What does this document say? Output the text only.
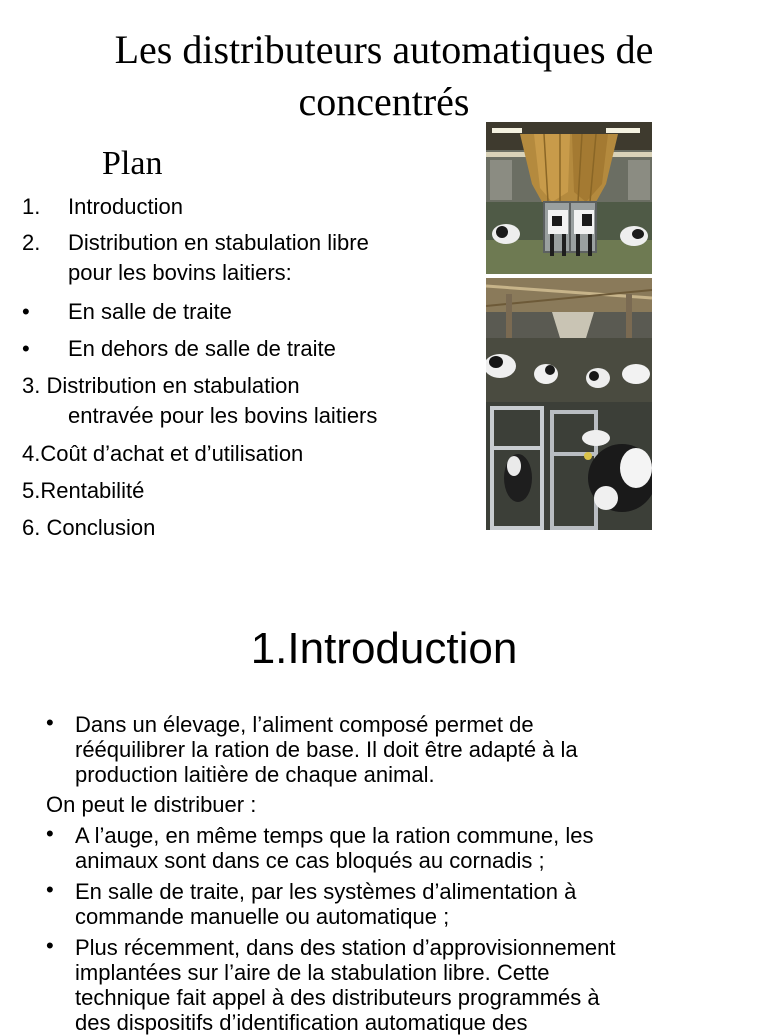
Les distributeurs automatiques de
concentrés
Plan
1. Introduction
2. Distribution en stabulation libre
pour les bovins laitiers:
• En salle de traite
• En dehors de salle de traite
3. Distribution en stabulation
entravée pour les bovins laitiers
4.Coût d’achat et d’utilisation
5.Rentabilité
6. Conclusion
1.Introduction
• Dans un élevage, l’aliment composé permet de
rééquilibrer la ration de base. Il doit être adapté à la
production laitière de chaque animal.
On peut le distribuer :
• A l’auge, en même temps que la ration commune, les
animaux sont dans ce cas bloqués au cornadis ;
• En salle de traite, par les systèmes d’alimentation à
commande manuelle ou automatique ;
• Plus récemment, dans des station d’approvisionnement
implantées sur l’aire de la stabulation libre. Cette
technique fait appel à des distributeurs programmés à
des dispositifs d’identification automatique des
